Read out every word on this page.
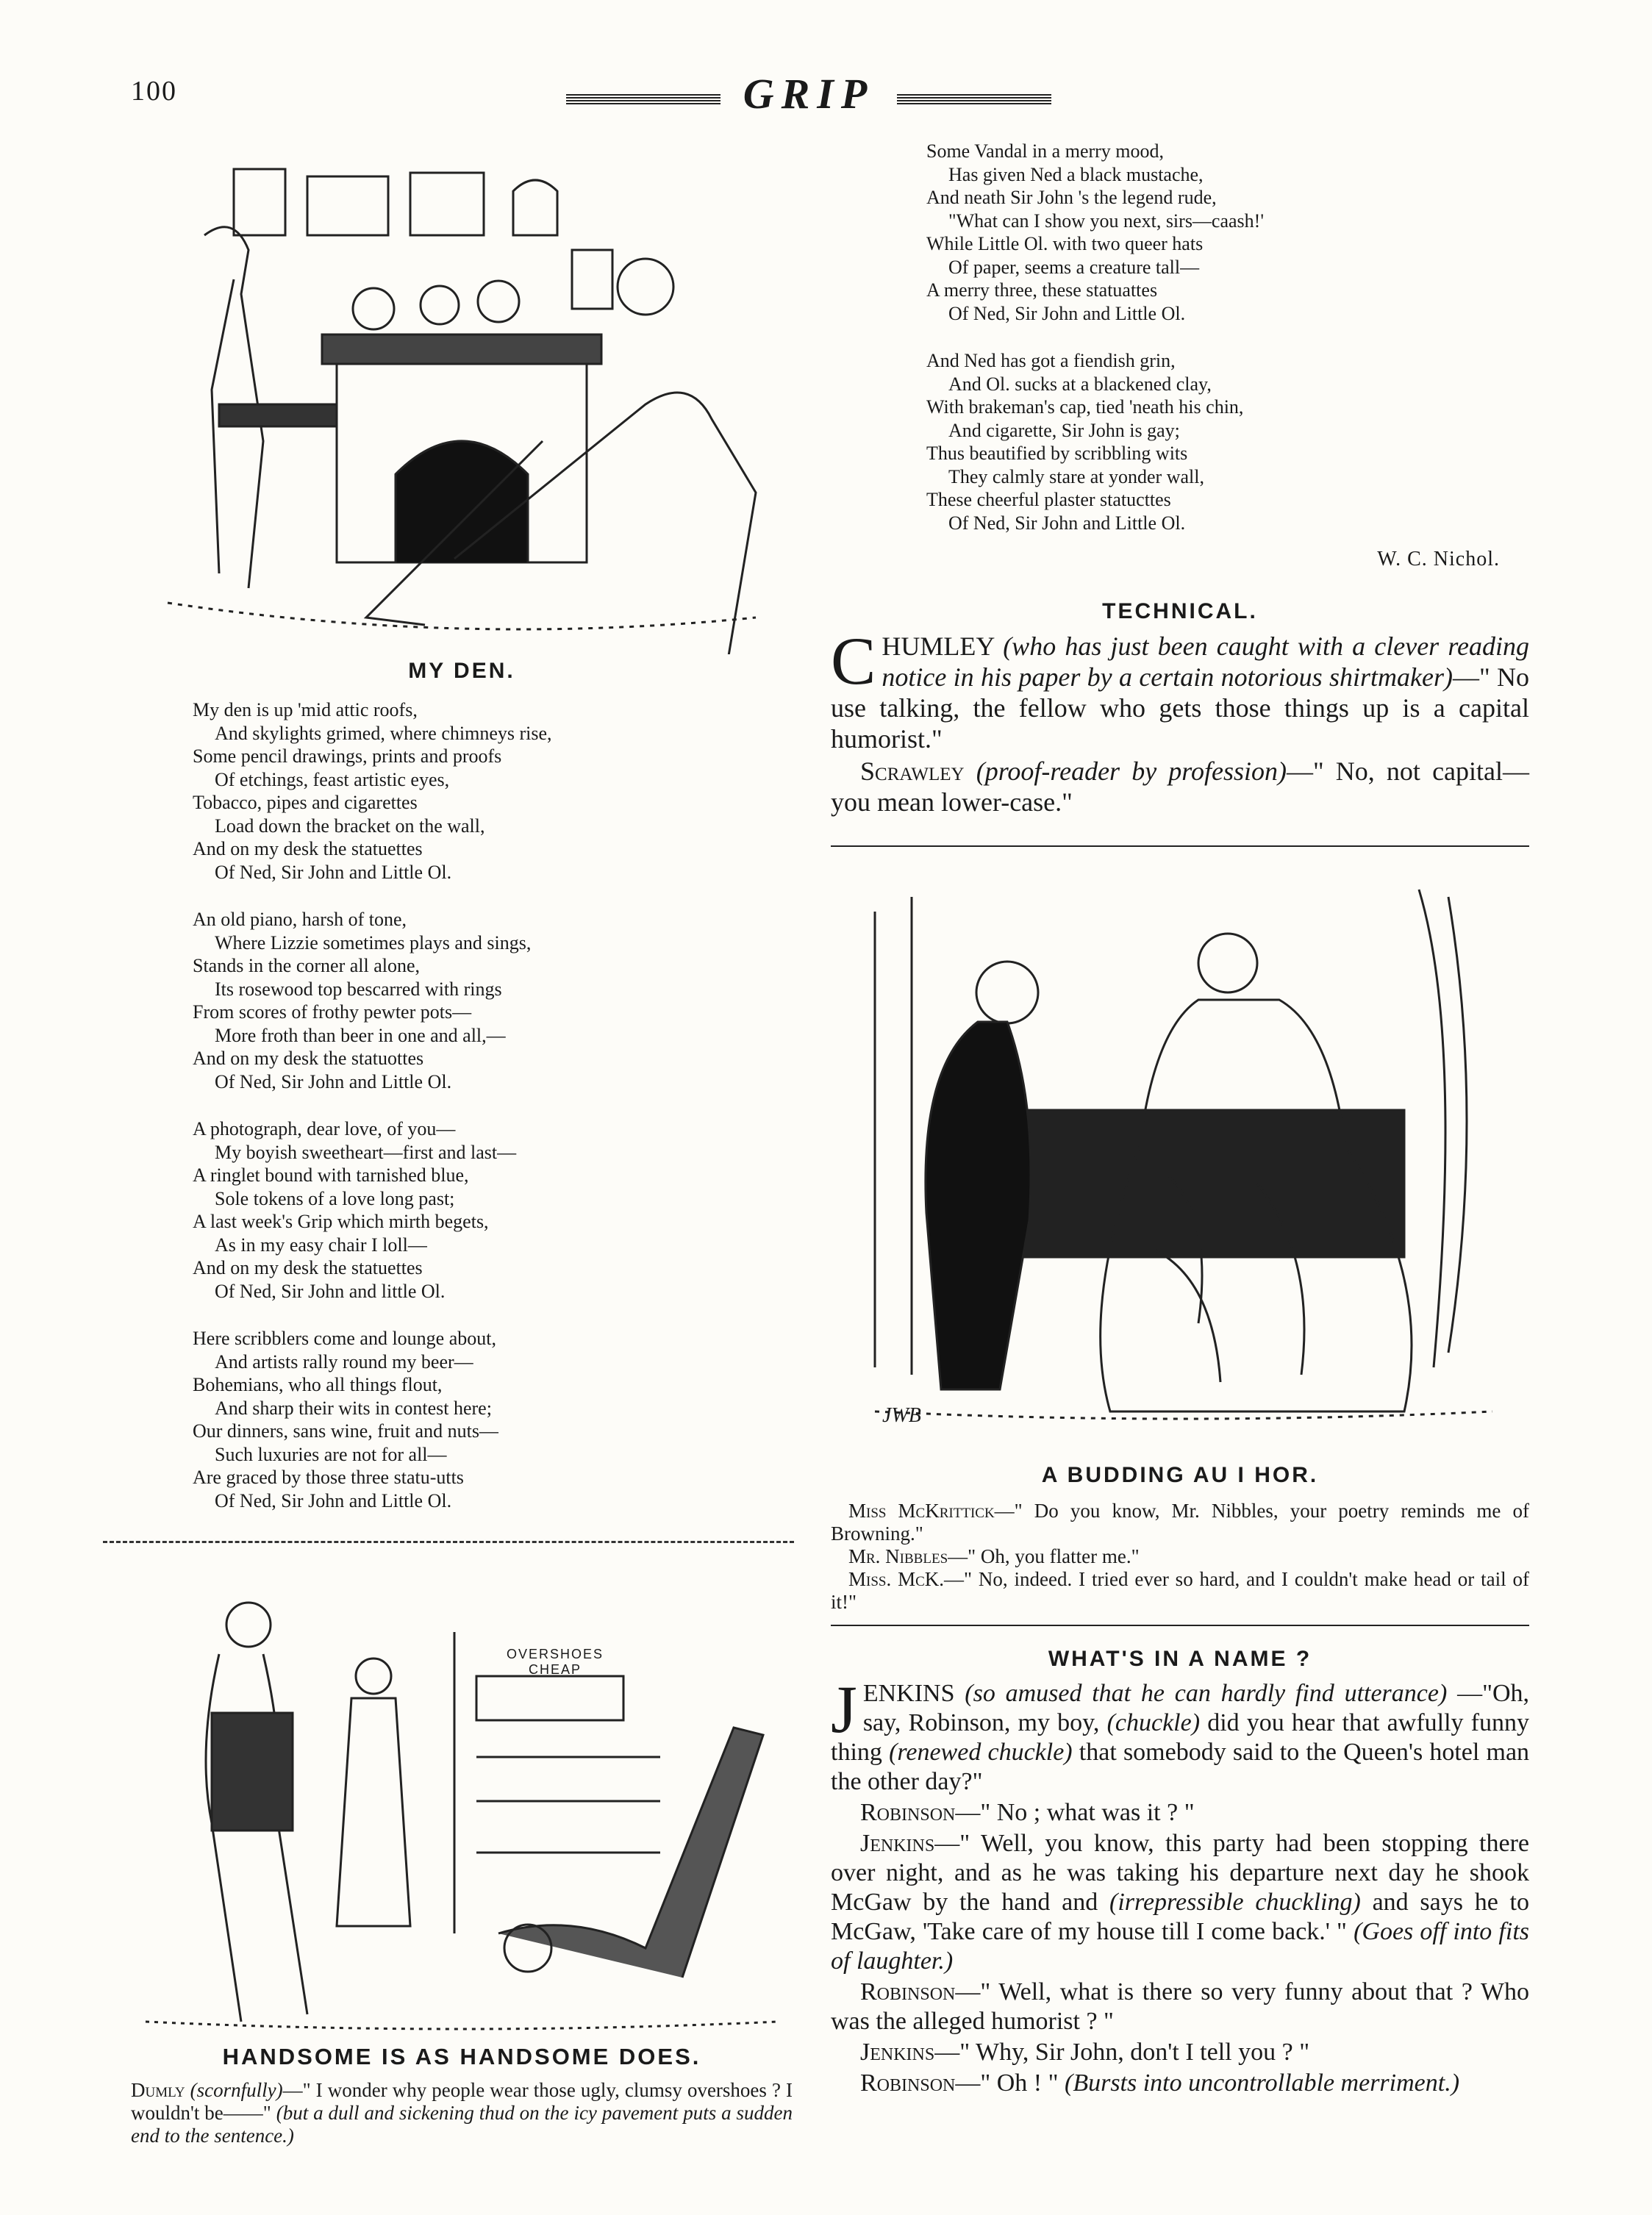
100	GRIP
MY DEN.
My den is up 'mid attic roofs,
And skylights grimed, where chimneys rise,
Some pencil drawings, prints and proofs
Of etchings, feast artistic eyes,
Tobacco, pipes and cigarettes
Load down the bracket on the wall,
And on my desk the statuettes
Of Ned, Sir John and Little Ol.
An old piano, harsh of tone,
Where Lizzie sometimes plays and sings,
Stands in the corner all alone,
Its rosewood top bescarred with rings
From scores of frothy pewter pots—
More froth than beer in one and all,—
And on my desk the statuottes
Of Ned, Sir John and Little Ol.
A photograph, dear love, of you—
My boyish sweetheart—first and last—
A ringlet bound with tarnished blue,
Sole tokens of a love long past;
A last week's Grip which mirth begets,
As in my easy chair I loll—
And on my desk the statuettes
Of Ned, Sir John and little Ol.
Here scribblers come and lounge about,
And artists rally round my beer—
Bohemians, who all things flout,
And sharp their wits in contest here;
Our dinners, sans wine, fruit and nuts—
Such luxuries are not for all—
Are graced by those three statu-utts
Of Ned, Sir John and Little Ol.
OVERSHOES CHEAP
HANDSOME IS AS HANDSOME DOES.

Dumly (scornfully)—" I wonder why people wear those ugly, clumsy overshoes ? I wouldn't be——" (but a dull and sickening thud on the icy pavement puts a sudden end to the sentence.)

Some Vandal in a merry mood,
Has given Ned a black mustache,
And neath Sir John 's the legend rude,
"What can I show you next, sirs—caash!'
While Little Ol. with two queer hats
Of paper, seems a creature tall—
A merry three, these statuattes
Of Ned, Sir John and Little Ol.
And Ned has got a fiendish grin,
And Ol. sucks at a blackened clay,
With brakeman's cap, tied 'neath his chin,
And cigarette, Sir John is gay;
Thus beautified by scribbling wits
They calmly stare at yonder wall,
These cheerful plaster statucttes
Of Ned, Sir John and Little Ol.
W. C. Nichol.
TECHNICAL.

CHUMLEY (who has just been caught with a clever reading notice in his paper by a certain notorious shirtmaker)—" No use talking, the fellow who gets those things up is a capital humorist."

Scrawley (proof-reader by profession)—" No, not capital—you mean lower-case."

JWB
A BUDDING AU I HOR.

Miss McKrittick—" Do you know, Mr. Nibbles, your poetry reminds me of Browning."

Mr. Nibbles—" Oh, you flatter me."

Miss. McK.—" No, indeed. I tried ever so hard, and I couldn't make head or tail of it!"

WHAT'S IN A NAME ?

JENKINS (so amused that he can hardly find utterance) —"Oh, say, Robinson, my boy, (chuckle) did you hear that awfully funny thing (renewed chuckle) that somebody said to the Queen's hotel man the other day?"

Robinson—" No ; what was it ? "

Jenkins—" Well, you know, this party had been stopping there over night, and as he was taking his departure next day he shook McGaw by the hand and (irrepressible chuckling) and says he to McGaw, 'Take care of my house till I come back.' " (Goes off into fits of laughter.)

Robinson—" Well, what is there so very funny about that ? Who was the alleged humorist ? "

Jenkins—" Why, Sir John, don't I tell you ? "

Robinson—" Oh ! " (Bursts into uncontrollable merriment.)
